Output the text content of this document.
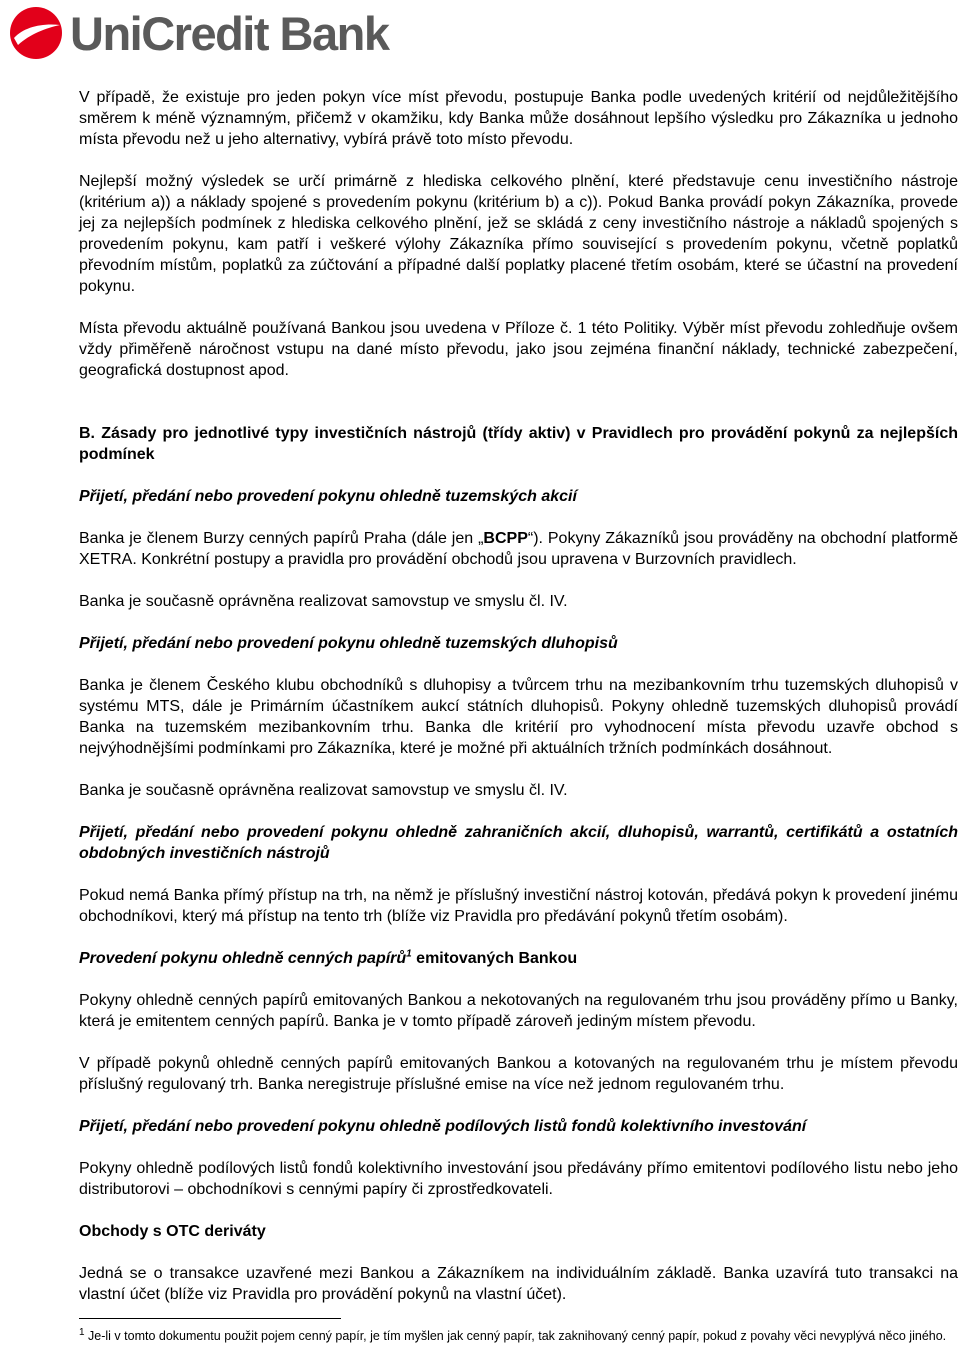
UniCredit Bank

V případě, že existuje pro jeden pokyn více míst převodu, postupuje Banka podle uvedených kritérií od nejdůležitějšího směrem k méně významným, přičemž v okamžiku, kdy Banka může dosáhnout lepšího výsledku pro Zákazníka u jednoho místa převodu než u jeho alternativy, vybírá právě toto místo převodu.

Nejlepší možný výsledek se určí primárně z hlediska celkového plnění, které představuje cenu investičního nástroje (kritérium a)) a náklady spojené s provedením pokynu (kritérium b) a c)). Pokud Banka provádí pokyn Zákazníka, provede jej za nejlepších podmínek z hlediska celkového plnění, jež se skládá z ceny investičního nástroje a nákladů spojených s provedením pokynu, kam patří i veškeré výlohy Zákazníka přímo související s provedením pokynu, včetně poplatků převodním místům, poplatků za zúčtování a případné další poplatky placené třetím osobám, které se účastní na provedení pokynu.

Místa převodu aktuálně používaná Bankou jsou uvedena v Příloze č. 1 této Politiky. Výběr míst převodu zohledňuje ovšem vždy přiměřeně náročnost vstupu na dané místo převodu, jako jsou zejména finanční náklady, technické zabezpečení, geografická dostupnost apod.

B. Zásady pro jednotlivé typy investičních nástrojů (třídy aktiv) v Pravidlech pro provádění pokynů za nejlepších podmínek

Přijetí, předání nebo provedení pokynu ohledně tuzemských akcií

Banka je členem Burzy cenných papírů Praha (dále jen „BCPP“). Pokyny Zákazníků jsou prováděny na obchodní platformě XETRA. Konkrétní postupy a pravidla pro provádění obchodů jsou upravena v Burzovních pravidlech.

Banka je současně oprávněna realizovat samovstup ve smyslu čl. IV.

Přijetí, předání nebo provedení pokynu ohledně tuzemských dluhopisů

Banka je členem Českého klubu obchodníků s dluhopisy a tvůrcem trhu na mezibankovním trhu tuzemských dluhopisů v systému MTS, dále je Primárním účastníkem aukcí státních dluhopisů. Pokyny ohledně tuzemských dluhopisů provádí Banka na tuzemském mezibankovním trhu. Banka dle kritérií pro vyhodnocení místa převodu uzavře obchod s nejvýhodnějšími podmínkami pro Zákazníka, které je možné při aktuálních tržních podmínkách dosáhnout.

Banka je současně oprávněna realizovat samovstup ve smyslu čl. IV.

Přijetí, předání nebo provedení pokynu ohledně zahraničních akcií, dluhopisů, warrantů, certifikátů a ostatních obdobných investičních nástrojů

Pokud nemá Banka přímý přístup na trh, na němž je příslušný investiční nástroj kotován, předává pokyn k provedení jinému obchodníkovi, který má přístup na tento trh (blíže viz Pravidla pro předávání pokynů třetím osobám).

Provedení pokynu ohledně cenných papírů$^1$ emitovaných Bankou

Pokyny ohledně cenných papírů emitovaných Bankou a nekotovaných na regulovaném trhu jsou prováděny přímo u Banky, která je emitentem cenných papírů. Banka je v tomto případě zároveň jediným místem převodu.

V případě pokynů ohledně cenných papírů emitovaných Bankou a kotovaných na regulovaném trhu je místem převodu příslušný regulovaný trh. Banka neregistruje příslušné emise na více než jednom regulovaném trhu.

Přijetí, předání nebo provedení pokynu ohledně podílových listů fondů kolektivního investování

Pokyny ohledně podílových listů fondů kolektivního investování jsou předávány přímo emitentovi podílového listu nebo jeho distributorovi – obchodníkovi s cennými papíry či zprostředkovateli.

Obchody s OTC deriváty

Jedná se o transakce uzavřené mezi Bankou a Zákazníkem na individuálním základě. Banka uzavírá tuto transakci na vlastní účet (blíže viz Pravidla pro provádění pokynů na vlastní účet).

$^1$ Je-li v tomto dokumentu použit pojem cenný papír, je tím myšlen jak cenný papír, tak zaknihovaný cenný papír, pokud z povahy věci nevyplývá něco jiného.
